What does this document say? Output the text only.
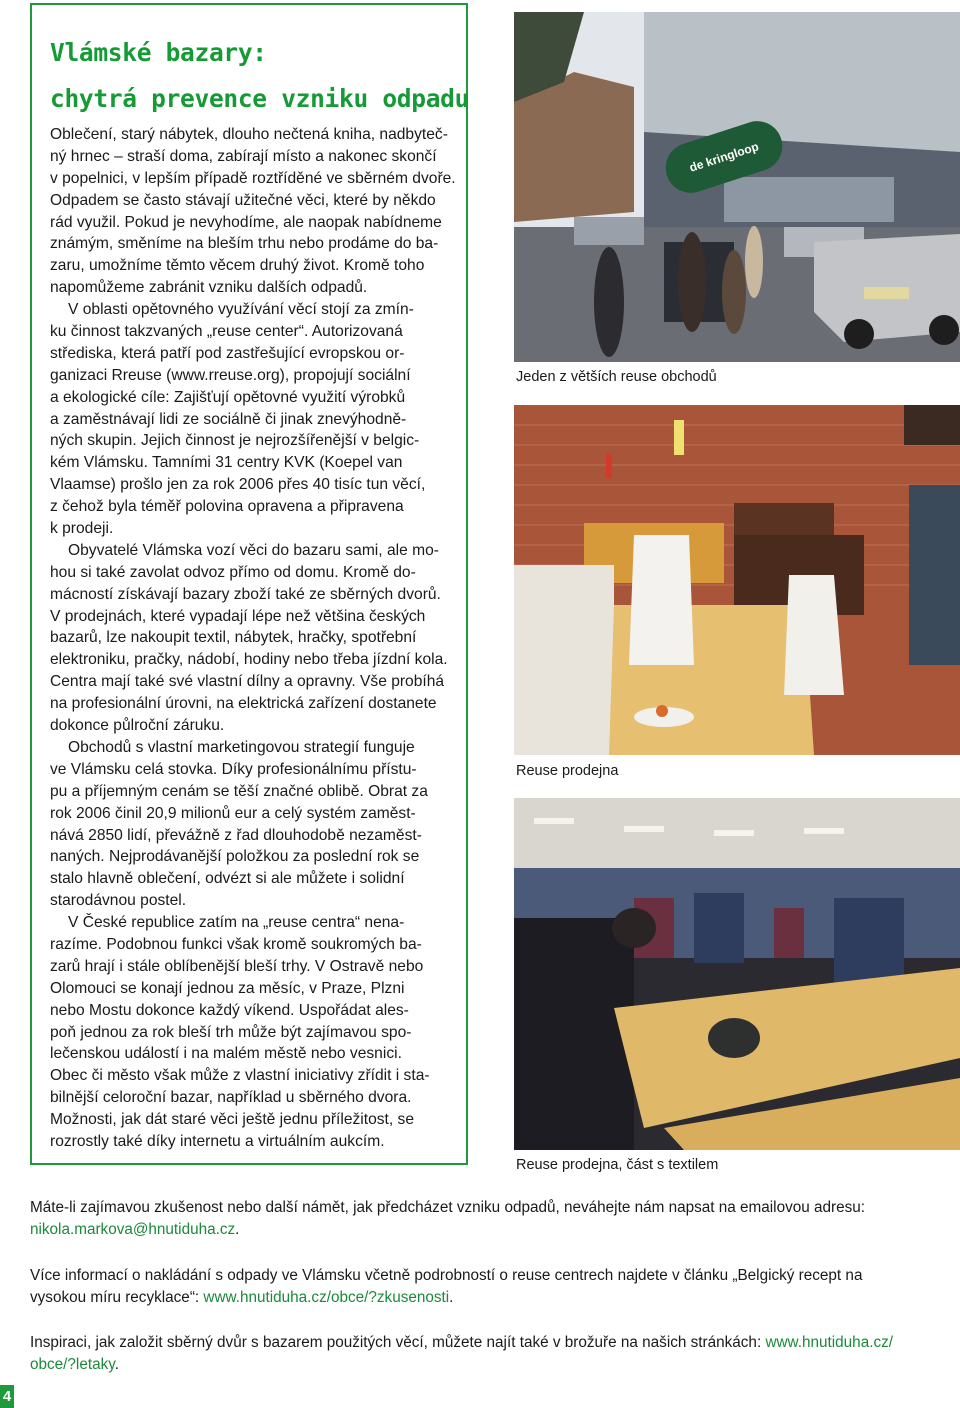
Vlámské bazary:
chytrá prevence vzniku odpadu
Oblečení, starý nábytek, dlouho nečtená kniha, nadbyteč-
ný hrnec – straší doma, zabírají místo a nakonec skončí
v popelnici, v lepším případě roztříděné ve sběrném dvoře.
Odpadem se často stávají užitečné věci, které by někdo
rád využil. Pokud je nevyhodíme, ale naopak nabídneme
známým, směníme na bleším trhu nebo prodáme do ba-
zaru, umožníme těmto věcem druhý život. Kromě toho
napomůžeme zabránit vzniku dalších odpadů.
V oblasti opětovného využívání věcí stojí za zmín-
ku činnost takzvaných „reuse center“. Autorizovaná
střediska, která patří pod zastřešující evropskou or-
ganizaci Rreuse (www.rreuse.org), propojují sociální
a ekologické cíle: Zajišťují opětovné využití výrobků
a zaměstnávají lidi ze sociálně či jinak znevýhodně-
ných skupin. Jejich činnost je nejrozšířenější v belgic-
kém Vlámsku. Tamními 31 centry KVK (Koepel van
Vlaamse) prošlo jen za rok 2006 přes 40 tisíc tun věcí,
z čehož byla téměř polovina opravena a připravena
k prodeji.
Obyvatelé Vlámska vozí věci do bazaru sami, ale mo-
hou si také zavolat odvoz přímo od domu. Kromě do-
mácností získávají bazary zboží také ze sběrných dvorů.
V prodejnách, které vypadají lépe než většina českých
bazarů, lze nakoupit textil, nábytek, hračky, spotřební
elektroniku, pračky, nádobí, hodiny nebo třeba jízdní kola.
Centra mají také své vlastní dílny a opravny. Vše probíhá
na profesionální úrovni, na elektrická zařízení dostanete
dokonce půlroční záruku.
Obchodů s vlastní marketingovou strategií funguje
ve Vlámsku celá stovka. Díky profesionálnímu přístu-
pu a příjemným cenám se těší značné oblibě. Obrat za
rok 2006 činil 20,9 milionů eur a celý systém zaměst-
nává 2850 lidí, převážně z řad dlouhodobě nezaměst-
naných. Nejprodávanější položkou za poslední rok se
stalo hlavně oblečení, odvézt si ale můžete i solidní
starodávnou postel.
V České republice zatím na „reuse centra“ nena-
razíme. Podobnou funkci však kromě soukromých ba-
zarů hrají i stále oblíbenější bleší trhy. V Ostravě nebo
Olomouci se konají jednou za měsíc, v Praze, Plzni
nebo Mostu dokonce každý víkend. Uspořádat ales-
poň jednou za rok bleší trh může být zajímavou spo-
lečenskou událostí i na malém městě nebo vesnici.
Obec či město však může z vlastní iniciativy zřídit i sta-
bilnější celoroční bazar, například u sběrného dvora.
Možnosti, jak dát staré věci ještě jednu příležitost, se
rozrostly také díky internetu a virtuálním aukcím.
de kringloop
Jeden z větších reuse obchodů
Reuse prodejna
Reuse prodejna, část s textilem

Máte-li zajímavou zkušenost nebo další námět, jak předcházet vzniku odpadů, neváhejte nám napsat na emailovou adresu:
nikola.markova@hnutiduha.cz.

Více informací o nakládání s odpady ve Vlámsku včetně podrobností o reuse centrech najdete v článku „Belgický recept na
vysokou míru recyklace“: www.hnutiduha.cz/obce/?zkusenosti.

Inspiraci, jak založit sběrný dvůr s bazarem použitých věcí, můžete najít také v brožuře na našich stránkách: www.hnutiduha.cz/
obce/?letaky.

4
